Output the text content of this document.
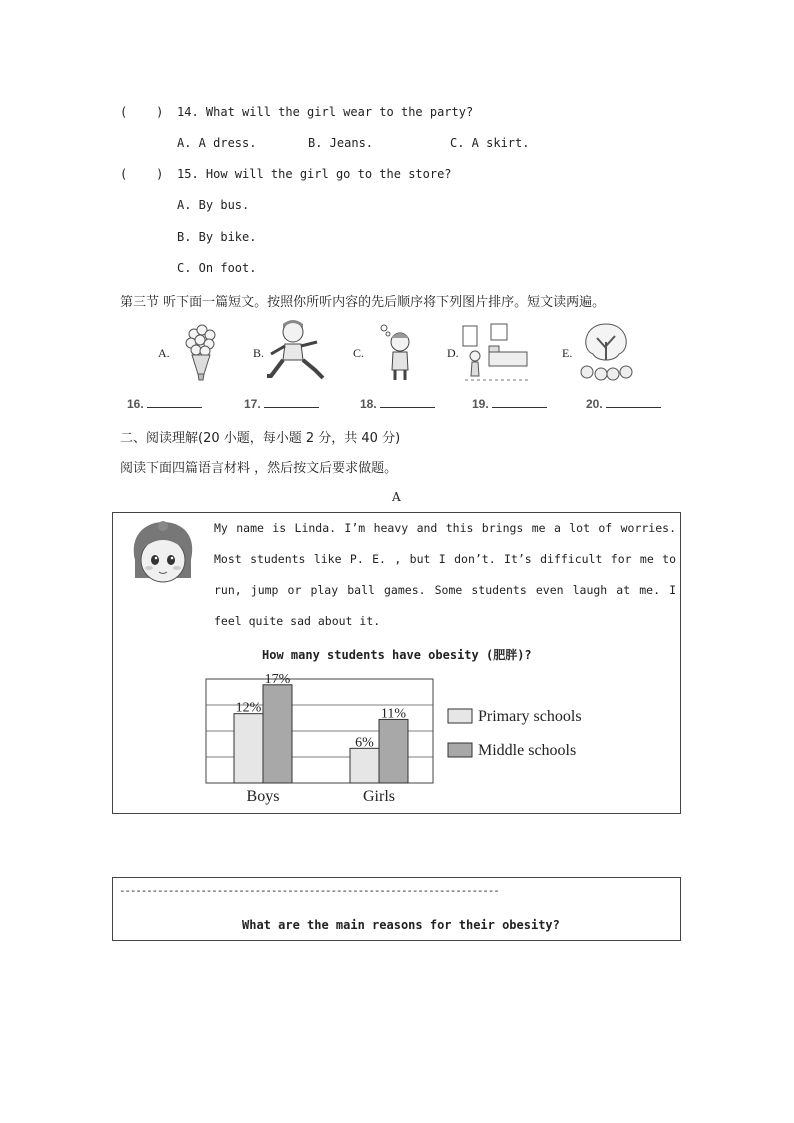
(    ) 14. What will the girl wear to the party?
A. A dress.	B. Jeans.	C. A skirt.
(    ) 15. How will the girl go to the store?
A. By bus.
B. By bike.
C. On foot.
第三节 听下面一篇短文。按照你所听内容的先后顺序将下列图片排序。短文读两遍。
A.	B.	C.	D.	E.
16.	17.	18.	19.	20.
二、阅读理解(20 小题，每小题 2 分，共 40 分)
阅读下面四篇语言材料 ，然后按文后要求做题。
A
My name is Linda. I’m heavy and this brings me a lot of worries. Most students like P. E. , but I don’t. It’s difficult for me to run, jump or play ball games. Some students even laugh at me. I feel quite sad about it.
How many students have obesity (肥胖)?
12%
17%
Boys
6%
11%
Girls
Primary schools
Middle schools
----------------------------------------------------------------------
What are the main reasons for their obesity?
